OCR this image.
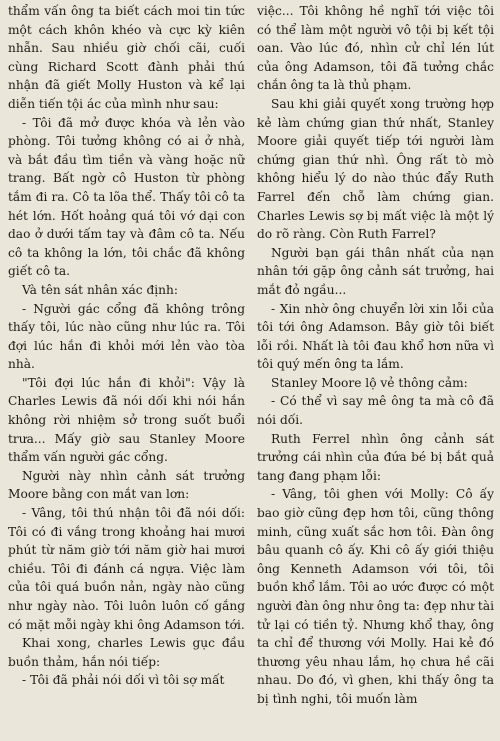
thẩm vấn ông ta biết cách moi tin tức một cách khôn khéo và cực kỳ kiên nhẫn. Sau nhiều giờ chối cãi, cuối cùng Richard Scott đành phải thú nhận đã giết Molly Huston và kể lại diễn tiến tội ác của mình như sau:

- Tôi đã mở được khóa và lẻn vào phòng. Tôi tưởng không có ai ở nhà, và bắt đầu tìm tiền và vàng hoặc nữ trang. Bất ngờ cô Huston từ phòng tắm đi ra. Cô ta lõa thể. Thấy tôi cô ta hét lớn. Hốt hoảng quá tôi vớ dại con dao ở dưới tấm tay và đâm cô ta. Nếu cô ta không la lớn, tôi chắc đã không giết cô ta.

Và tên sát nhân xác định:

- Người gác cổng đã không trông thấy tôi, lúc nào cũng như lúc ra. Tôi đợi lúc hắn đi khỏi mới lẻn vào tòa nhà.

"Tôi đợi lúc hắn đi khỏi": Vậy là Charles Lewis đã nói dối khi nói hắn không rời nhiệm sở trong suốt buổi trưa... Mấy giờ sau Stanley Moore thẩm vấn người gác cổng.

Người này nhìn cảnh sát trưởng Moore bằng con mắt van lơn:

- Vâng, tôi thú nhận tôi đã nói dối: Tôi có đi vắng trong khoảng hai mươi phút từ năm giờ tới năm giờ hai mươi chiều. Tôi đi đánh cá ngựa. Việc làm của tôi quá buồn nản, ngày nào cũng như ngày nào. Tôi luôn luôn cố gắng có mặt mỗi ngày khi ông Adamson tới.

Khai xong, charles Lewis gục đầu buồn thảm, hắn nói tiếp:

- Tôi đã phải nói dối vì tôi sợ mất

việc... Tôi không hề nghĩ tới việc tôi có thể làm một người vô tội bị kết tội oan. Vào lúc đó, nhìn cử chỉ lén lút của ông Adamson, tôi đã tưởng chắc chắn ông ta là thủ phạm.

Sau khi giải quyết xong trường hợp kẻ làm chứng gian thứ nhất, Stanley Moore giải quyết tiếp tới người làm chứng gian thứ nhì. Ông rất tò mò không hiểu lý do nào thúc đẩy Ruth Farrel đến chỗ làm chứng gian. Charles Lewis sợ bị mất việc là một lý do rõ ràng. Còn Ruth Farrel?

Người bạn gái thân nhất của nạn nhân tới gặp ông cảnh sát trưởng, hai mắt đỏ ngầu...

- Xin nhờ ông chuyển lời xin lỗi của tôi tới ông Adamson. Bây giờ tôi biết lỗi rồi. Nhất là tôi đau khổ hơn nữa vì tôi quý mến ông ta lắm.

Stanley Moore lộ vẻ thông cảm:

- Có thể vì say mê ông ta mà cô đã nói dối.

Ruth Ferrel nhìn ông cảnh sát trưởng cái nhìn của đứa bé bị bắt quả tang đang phạm lỗi:

- Vâng, tôi ghen với Molly: Cô ấy bao giờ cũng đẹp hơn tôi, cũng thông minh, cũng xuất sắc hơn tôi. Đàn ông bâu quanh cô ấy. Khi cô ấy giới thiệu ông Kenneth Adamson với tôi, tôi buồn khổ lắm. Tôi ao ước được có một người đàn ông như ông ta: đẹp như tài tử lại có tiền tỷ. Nhưng khổ thay, ông ta chỉ để thương với Molly. Hai kẻ đó thương yêu nhau lắm, họ chưa hề cãi nhau. Do đó, vì ghen, khi thấy ông ta bị tình nghi, tôi muốn làm
